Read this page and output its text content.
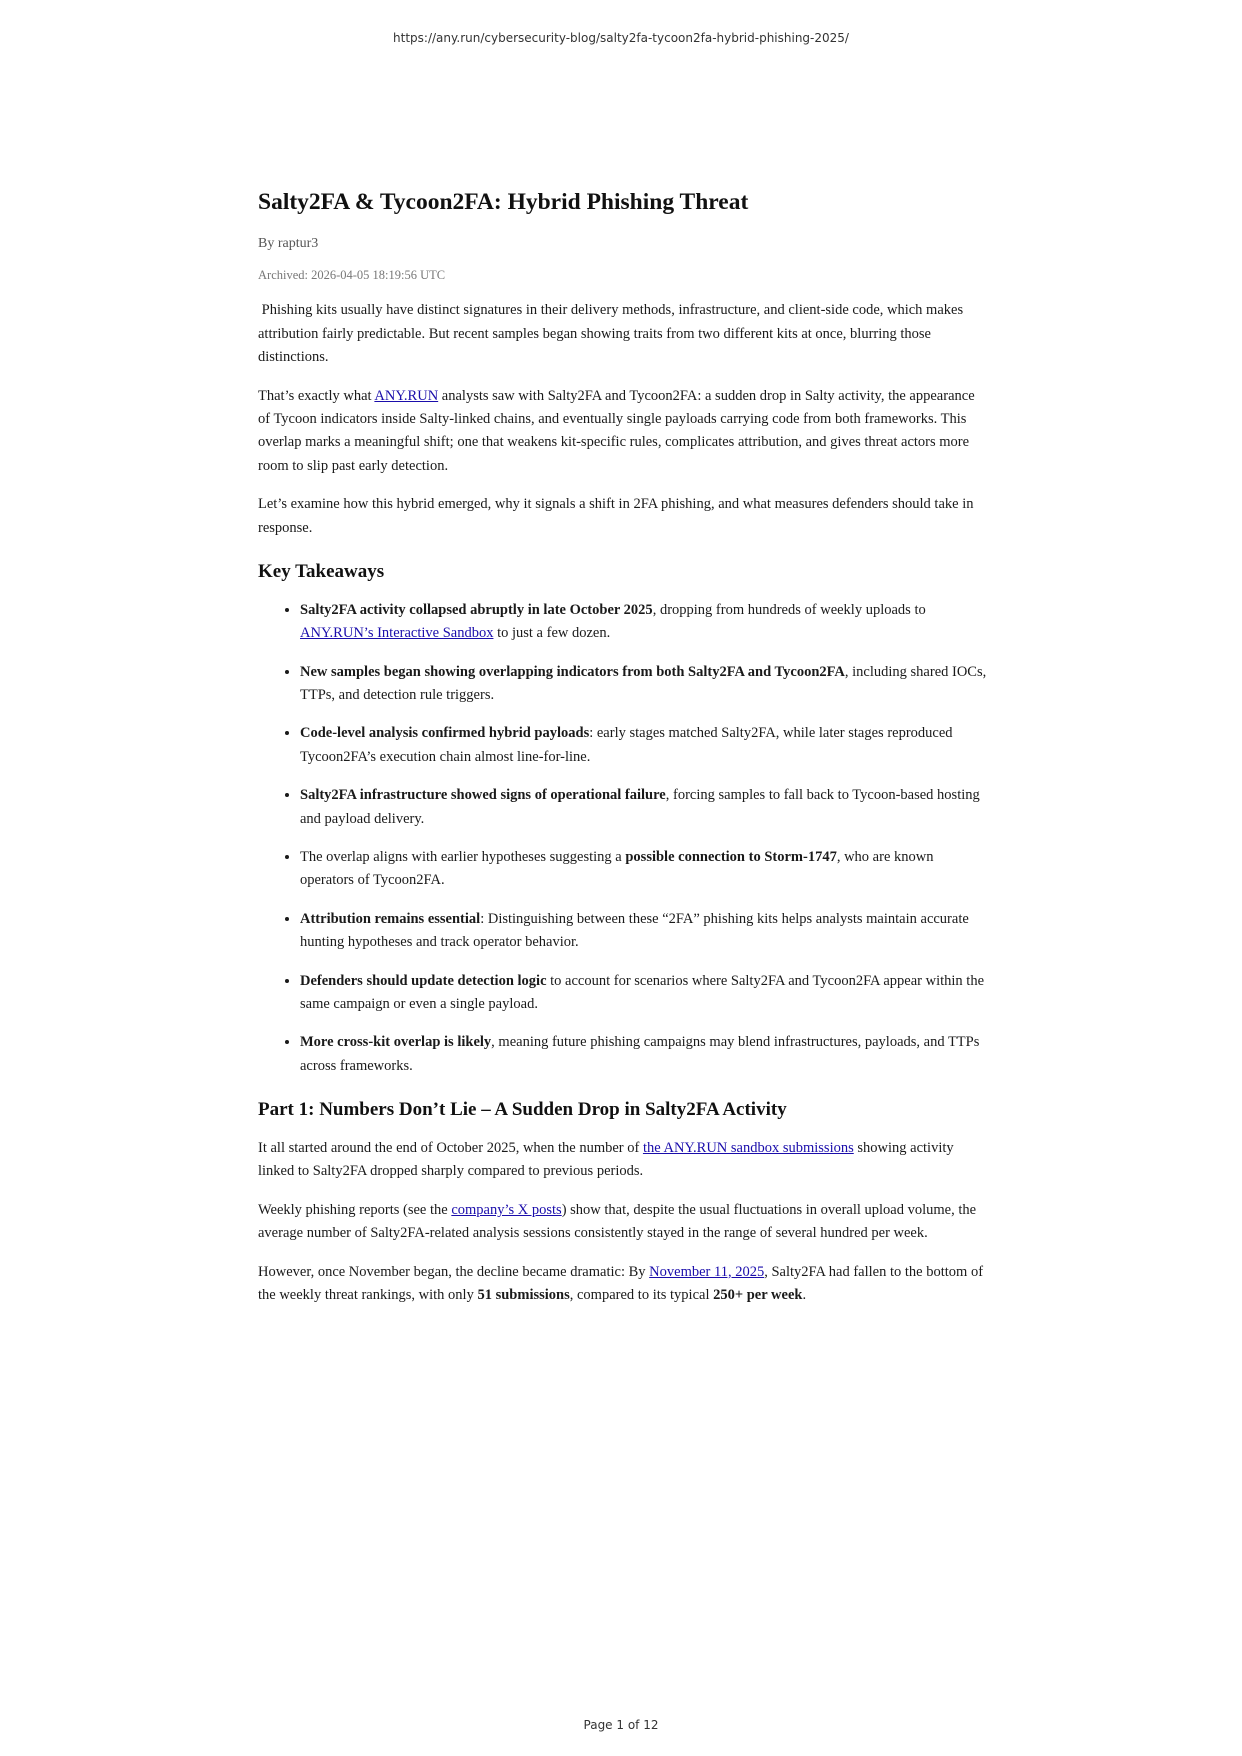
https://any.run/cybersecurity-blog/salty2fa-tycoon2fa-hybrid-phishing-2025/
Salty2FA & Tycoon2FA: Hybrid Phishing Threat
By raptur3
Archived: 2026-04-05 18:19:56 UTC

Phishing kits usually have distinct signatures in their delivery methods, infrastructure, and client-side code, which makes attribution fairly predictable. But recent samples began showing traits from two different kits at once, blurring those distinctions.

That’s exactly what ANY.RUN analysts saw with Salty2FA and Tycoon2FA: a sudden drop in Salty activity, the appearance of Tycoon indicators inside Salty-linked chains, and eventually single payloads carrying code from both frameworks. This overlap marks a meaningful shift; one that weakens kit-specific rules, complicates attribution, and gives threat actors more room to slip past early detection.

Let’s examine how this hybrid emerged, why it signals a shift in 2FA phishing, and what measures defenders should take in response.

Key Takeaways
• Salty2FA activity collapsed abruptly in late October 2025, dropping from hundreds of weekly uploads to ANY.RUN’s Interactive Sandbox to just a few dozen.
• New samples began showing overlapping indicators from both Salty2FA and Tycoon2FA, including shared IOCs, TTPs, and detection rule triggers.
• Code-level analysis confirmed hybrid payloads: early stages matched Salty2FA, while later stages reproduced Tycoon2FA’s execution chain almost line-for-line.
• Salty2FA infrastructure showed signs of operational failure, forcing samples to fall back to Tycoon-based hosting and payload delivery.
• The overlap aligns with earlier hypotheses suggesting a possible connection to Storm-1747, who are known operators of Tycoon2FA.
• Attribution remains essential: Distinguishing between these “2FA” phishing kits helps analysts maintain accurate hunting hypotheses and track operator behavior.
• Defenders should update detection logic to account for scenarios where Salty2FA and Tycoon2FA appear within the same campaign or even a single payload.
• More cross-kit overlap is likely, meaning future phishing campaigns may blend infrastructures, payloads, and TTPs across frameworks.
Part 1: Numbers Don’t Lie – A Sudden Drop in Salty2FA Activity

It all started around the end of October 2025, when the number of the ANY.RUN sandbox submissions showing activity linked to Salty2FA dropped sharply compared to previous periods.

Weekly phishing reports (see the company’s X posts) show that, despite the usual fluctuations in overall upload volume, the average number of Salty2FA-related analysis sessions consistently stayed in the range of several hundred per week.

However, once November began, the decline became dramatic: By November 11, 2025, Salty2FA had fallen to the bottom of the weekly threat rankings, with only 51 submissions, compared to its typical 250+ per week.

Page 1 of 12
